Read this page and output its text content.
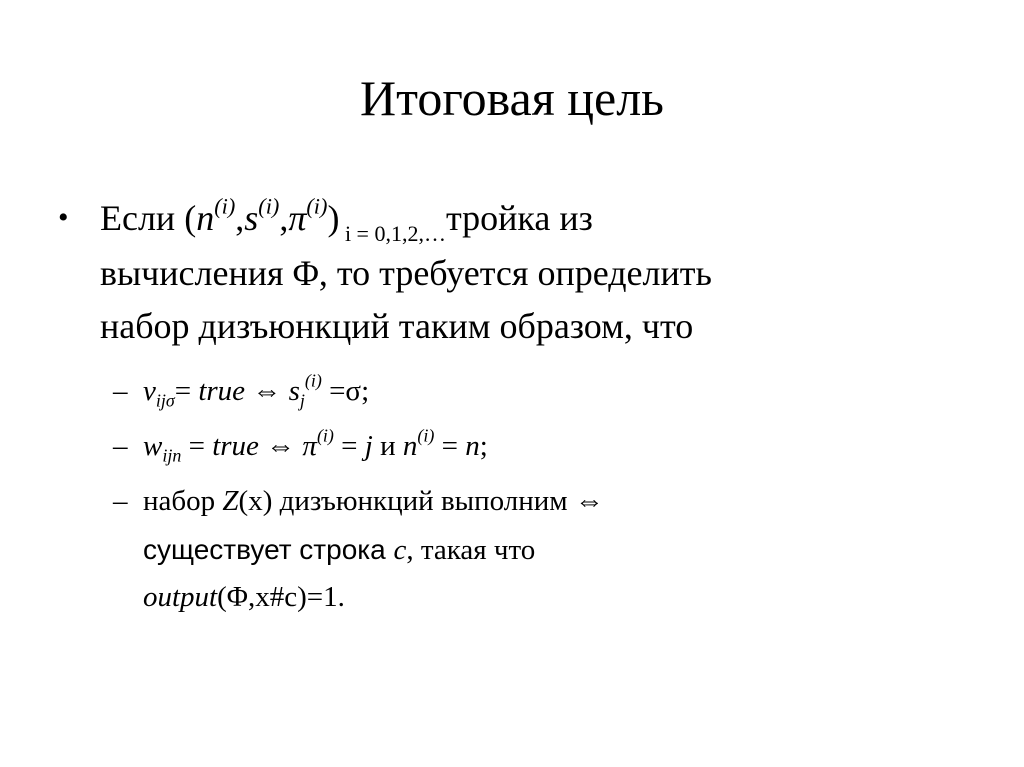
Итоговая цель
• Если $(n^{(i)},s^{(i)},\pi^{(i)})$ $_{i = 0,1,2,\dots}$тройка из
вычисления Φ, то требуется определить
набор дизъюнкций таким образом, что
– $v_{ij\sigma}=$ true ⇔ $s_j^{(i)} =\sigma$;
– $w_{ijn}$ = true ⇔ $\pi^{(i)} = j$ и $n^{(i)} = n$;
– набор Z(x) дизъюнкций выполним ⇔
существует строка c, такая что
output(Φ,x#c)=1.
